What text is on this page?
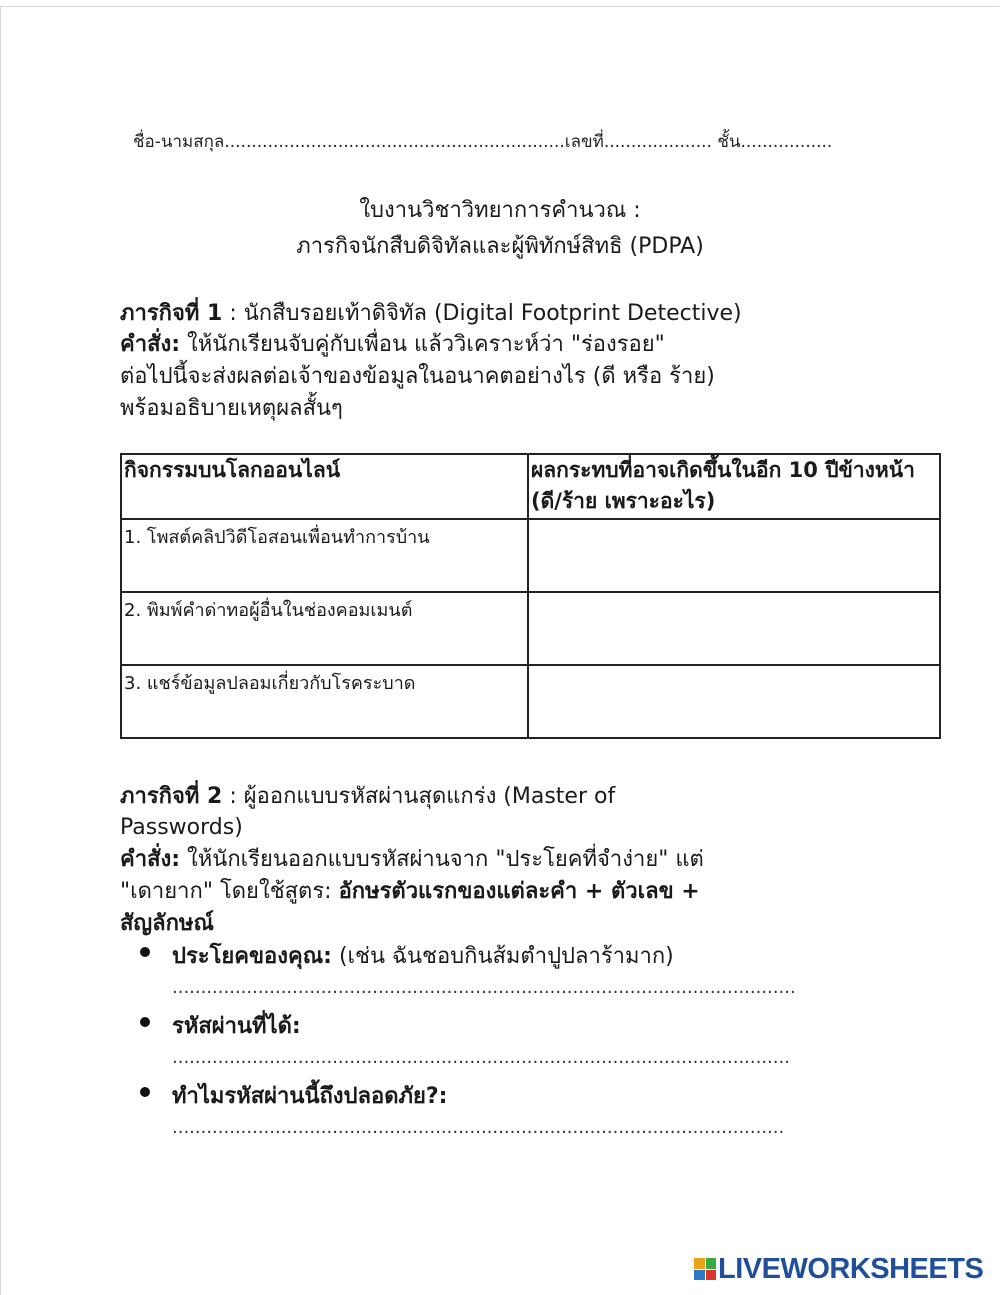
ชื่อ-นามสกุล...............................................................เลขที่.................... ชั้น.................
ใบงานวิชาวิทยาการคำนวณ :
ภารกิจนักสืบดิจิทัลและผู้พิทักษ์สิทธิ (PDPA)
ภารกิจที่ 1 : นักสืบรอยเท้าดิจิทัล (Digital Footprint Detective)
คำสั่ง: ให้นักเรียนจับคู่กับเพื่อน แล้ววิเคราะห์ว่า "ร่องรอย"
ต่อไปนี้จะส่งผลต่อเจ้าของข้อมูลในอนาคตอย่างไร (ดี หรือ ร้าย)
พร้อมอธิบายเหตุผลสั้นๆ
กิจกรรมบนโลกออนไลน์	ผลกระทบที่อาจเกิดขึ้นในอีก 10 ปีข้างหน้า (ดี/ร้าย เพราะอะไร)
1. โพสต์คลิปวิดีโอสอนเพื่อนทำการบ้าน	
2. พิมพ์คำด่าทอผู้อื่นในช่องคอมเมนต์	
3. แชร์ข้อมูลปลอมเกี่ยวกับโรคระบาด	
ภารกิจที่ 2 : ผู้ออกแบบรหัสผ่านสุดแกร่ง (Master of
Passwords)
คำสั่ง: ให้นักเรียนออกแบบรหัสผ่านจาก "ประโยคที่จำง่าย" แต่
"เดายาก" โดยใช้สูตร: อักษรตัวแรกของแต่ละคำ + ตัวเลข +
สัญลักษณ์
ประโยคของคุณ: (เช่น ฉันชอบกินส้มตำปูปลาร้ามาก)
.............................................................................................................
รหัสผ่านที่ได้:
............................................................................................................
ทำไมรหัสผ่านนี้ถึงปลอดภัย?:
...........................................................................................................
LIVEWORKSHEETS
